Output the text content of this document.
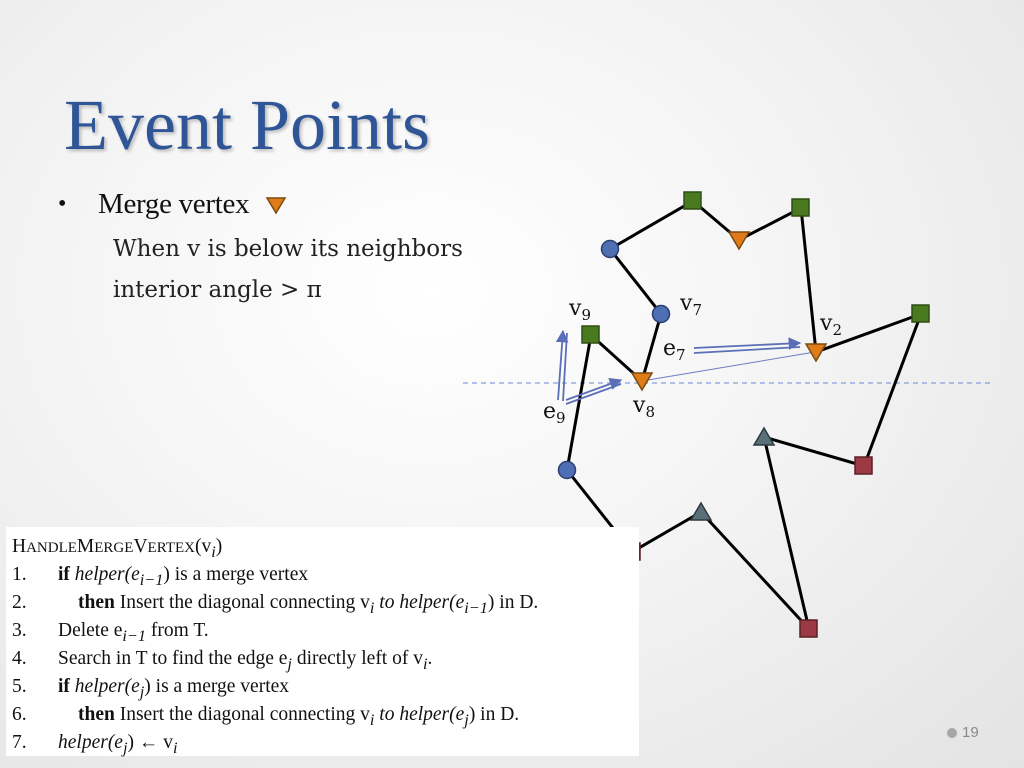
Event Points
•	Merge vertex
When v is below its neighbors
interior angle > π
$v_9$	$v_7$
$v_2$
$e_7$
$v_8$
$e_9$
$HANDLEMERGEVERTEX(v_i)$
1. if $helper(e_{i-1})$ is a merge vertex
2.	then Insert the diagonal connecting $v_i$ to $helper(e_{i-1})$ in D.
3. Delete $e_{i-1}$ from T.
4. Search in T to find the edge $e_j$ directly left of $v_i$.
5. if $helper(e_j)$ is a merge vertex
6.	then Insert the diagonal connecting $v_i$ to $helper(e_j)$ in D.
7. $helper(e_j)$ ← $v_i$
19
